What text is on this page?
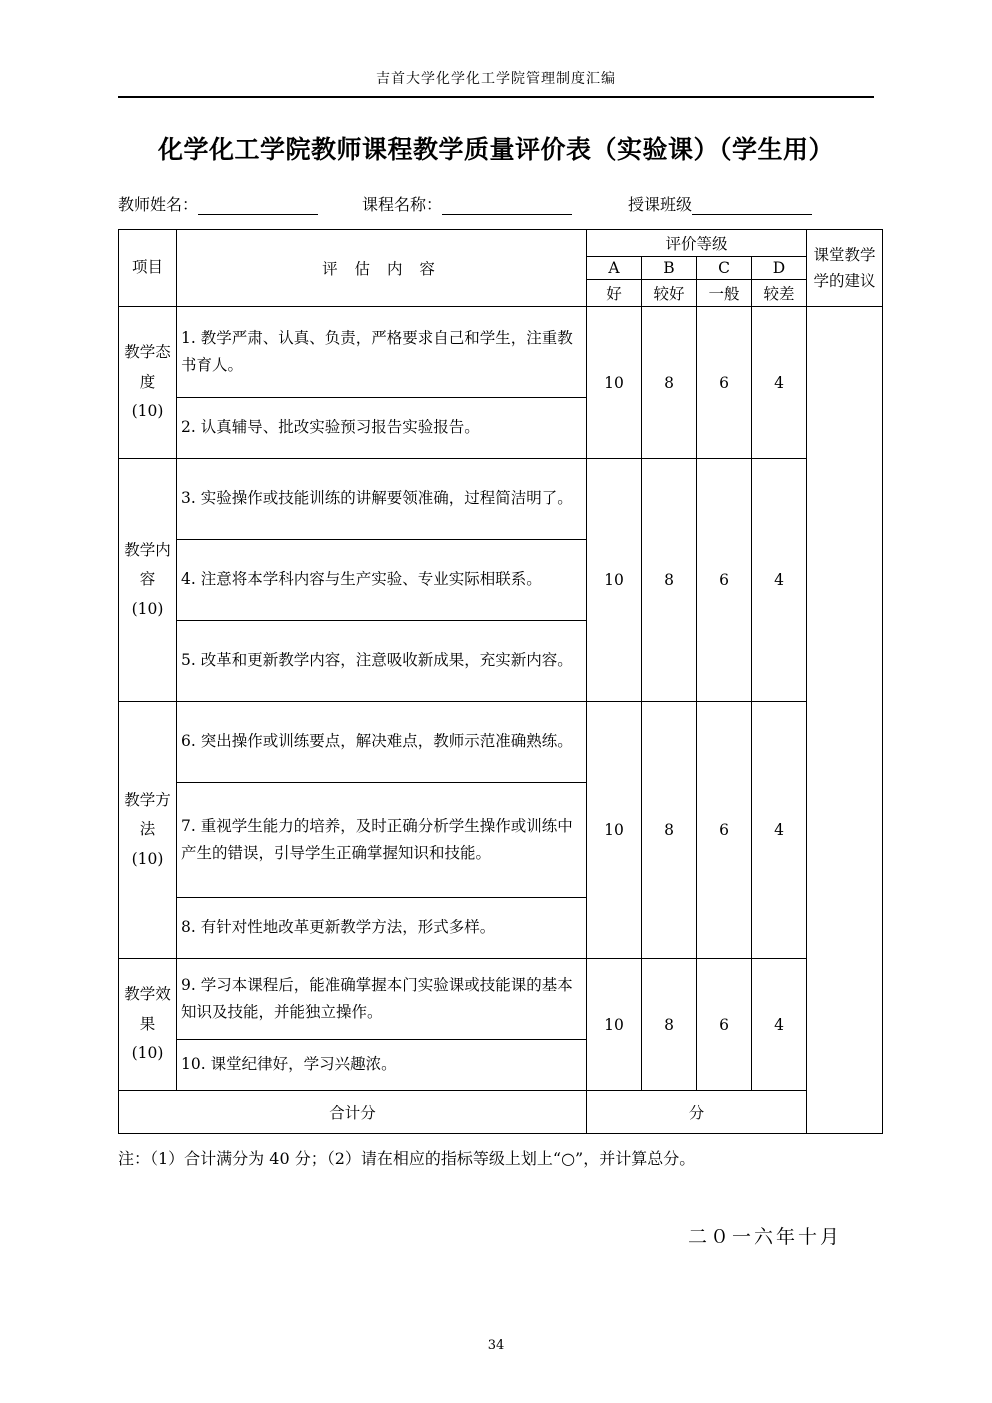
吉首大学化学化工学院管理制度汇编
化学化工学院教师课程教学质量评价表（实验课）（学生用）
教师姓名：	课程名称：	授课班级
项目	评 估 内 容	评价等级				课堂教学学的建议
		A	B	C	D	
		好	较好	一般	较差	

教学态度
(10)	1. 教学严肃、认真、负责，严格要求自己和学生，注重教书育人。	10	8	6	4	
	2. 认真辅导、批改实验预习报告实验报告。					

教学内容
(10)	3. 实验操作或技能训练的讲解要领准确，过程简洁明了。	10	8	6	4	
	4. 注意将本学科内容与生产实验、专业实际相联系。					
	5. 改革和更新教学内容，注意吸收新成果，充实新内容。					

教学方法
(10)	6. 突出操作或训练要点，解决难点，教师示范准确熟练。	10	8	6	4	
	7. 重视学生能力的培养，及时正确分析学生操作或训练中产生的错误，引导学生正确掌握知识和技能。					
	8. 有针对性地改革更新教学方法，形式多样。					

教学效果
(10)	9. 学习本课程后，能准确掌握本门实验课或技能课的基本知识及技能，并能独立操作。	10	8	6	4	
	10. 课堂纪律好，学习兴趣浓。					
合计分		分				
注：（1）合计满分为 40 分；（2）请在相应的指标等级上划上“○”，并计算总分。
二０一六年十月
34
